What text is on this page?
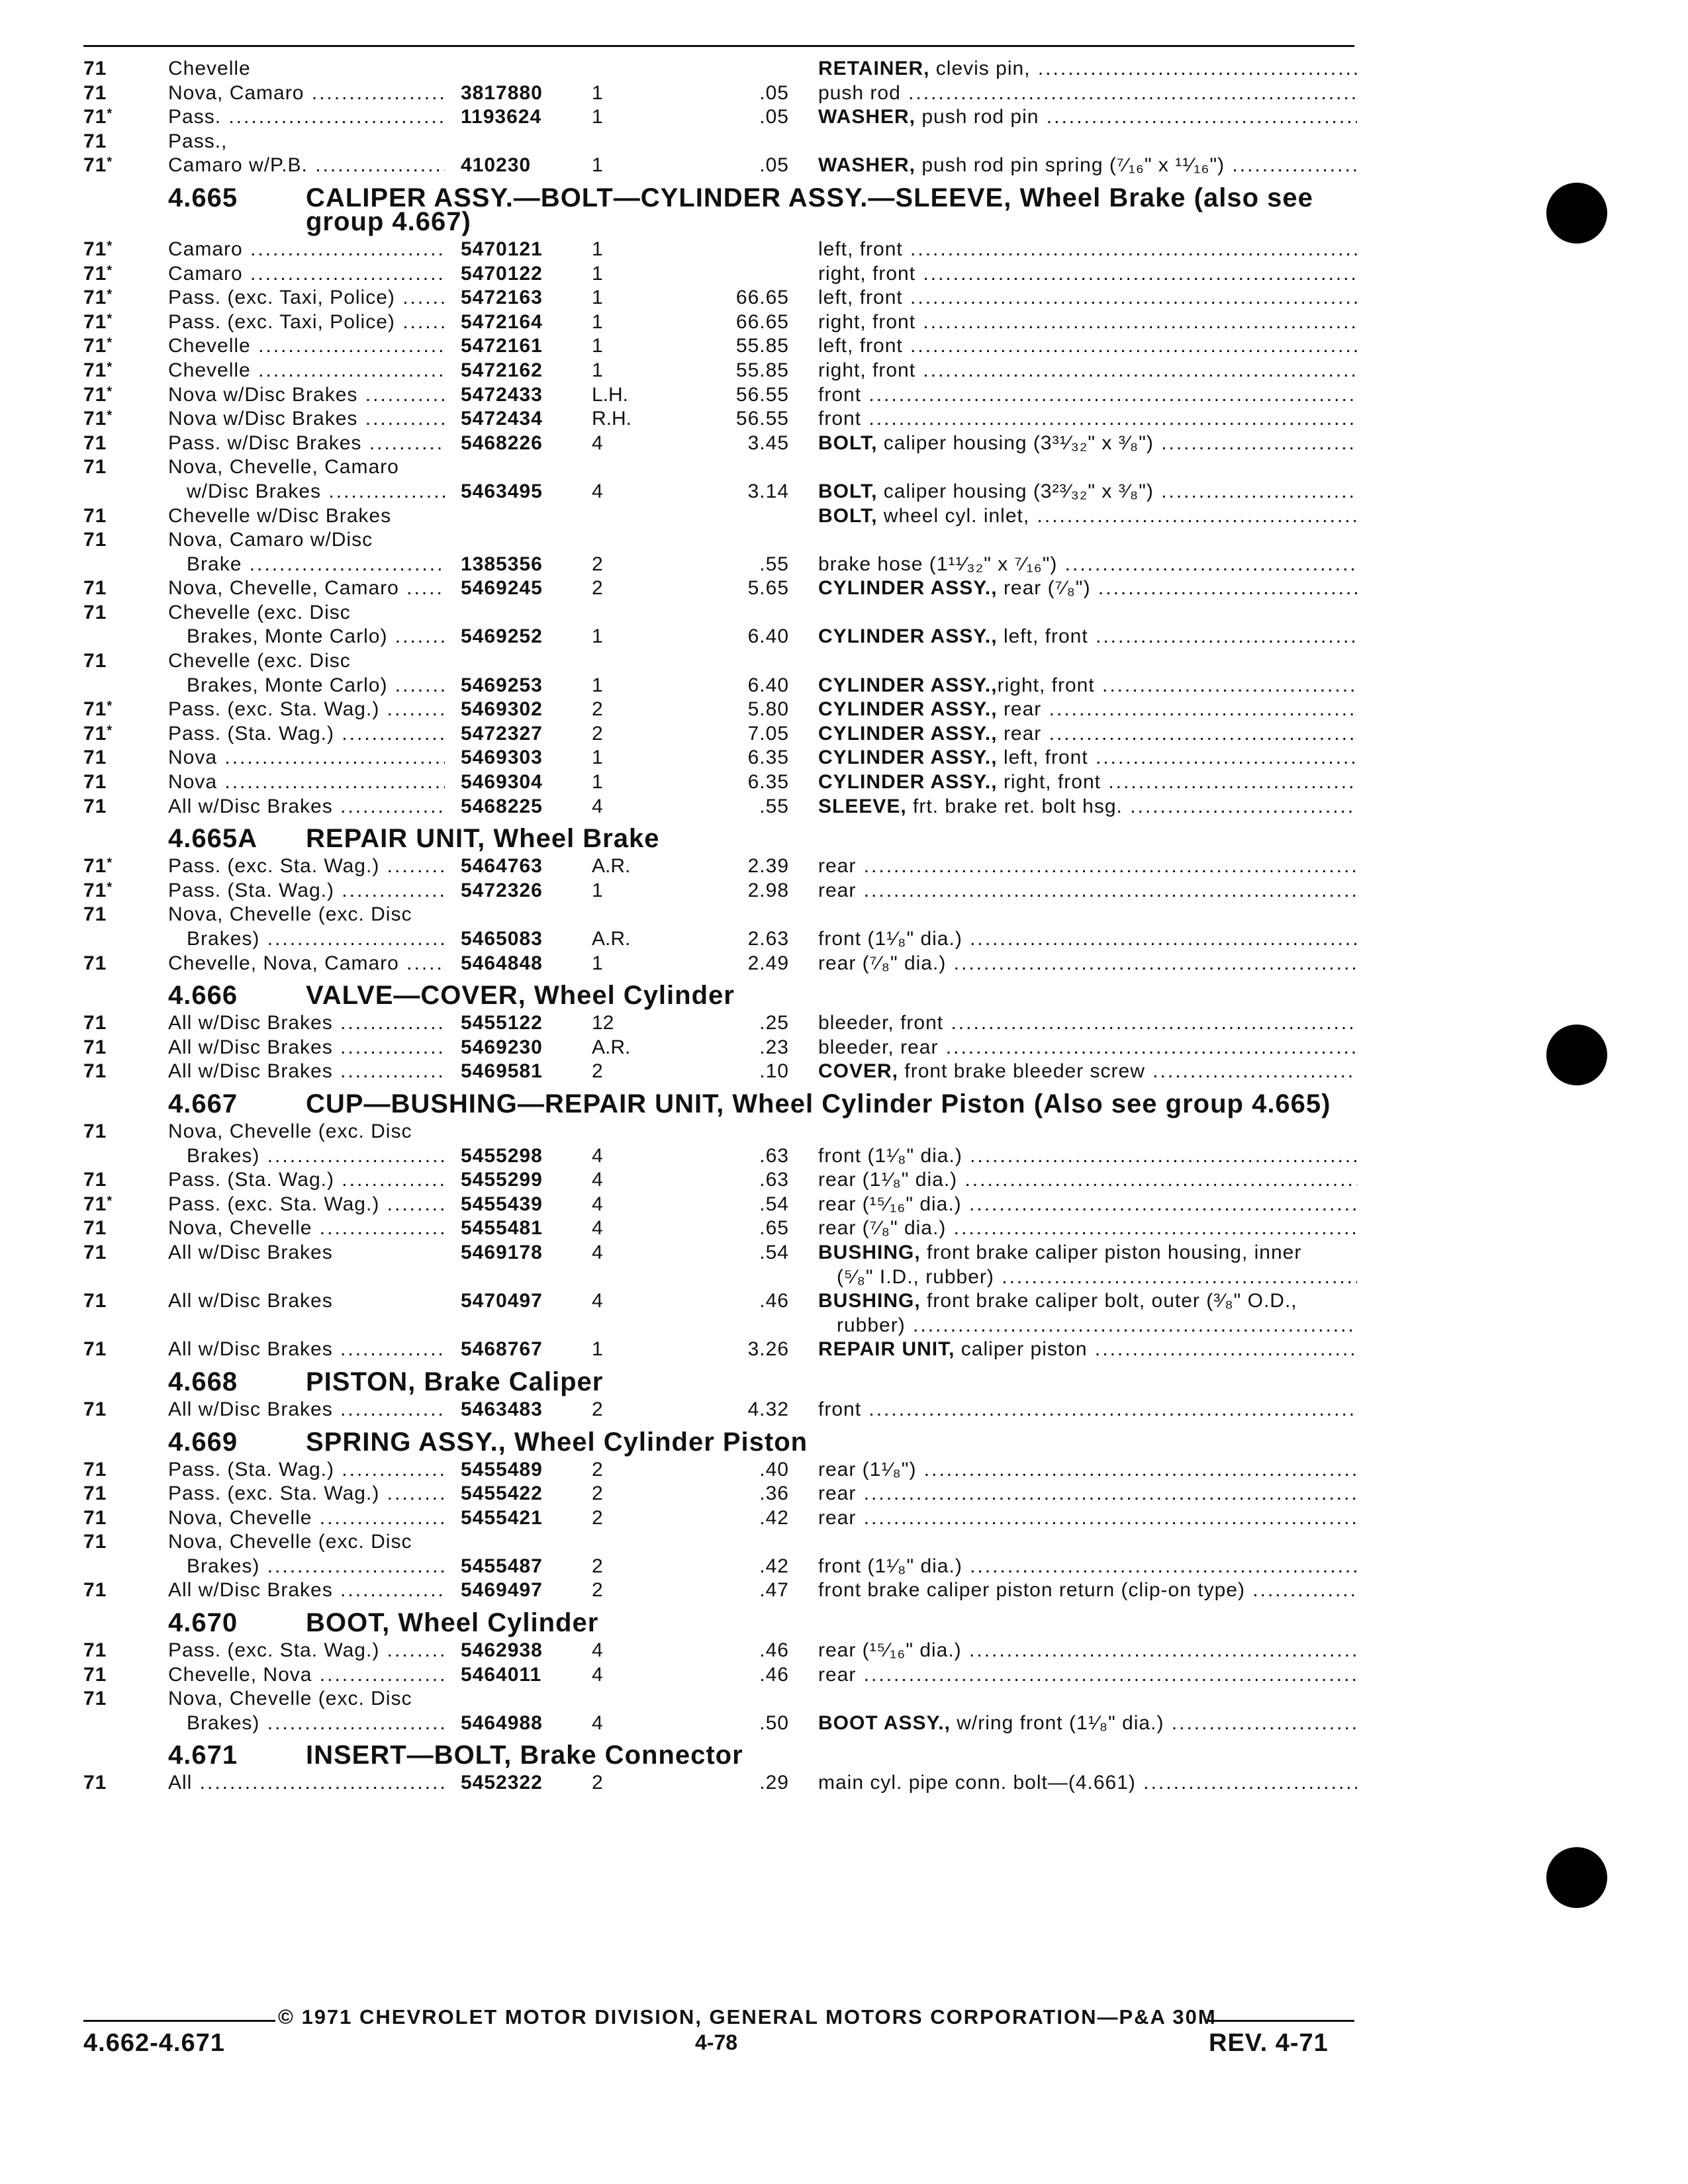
71	Chevelle	RETAINER, clevis pin, .....
71	Nova, Camaro .....	3817880	1	.05 push rod .....
71*	Pass. .....	1193624	1	.05 WASHER, push rod pin .....
71	Pass.,
71*	Camaro w/P.B. .....	410230	1	.05 WASHER, push rod pin spring (⁷⁄₁₆" x ¹¹⁄₁₆") .....
4.665	CALIPER ASSY.—BOLT—CYLINDER ASSY.—SLEEVE, Wheel Brake (also see group 4.667)
71*	Camaro .....	5470121	1	left, front .....
71*	Camaro .....	5470122	1	right, front .....
71*	Pass. (exc. Taxi, Police) .....	5472163	1	66.65 left, front .....
71*	Pass. (exc. Taxi, Police) .....	5472164	1	66.65 right, front .....
71*	Chevelle .....	5472161	1	55.85 left, front .....
71*	Chevelle .....	5472162	1	55.85 right, front .....
71*	Nova w/Disc Brakes .....	5472433	L.H.	56.55 front .....
71*	Nova w/Disc Brakes .....	5472434	R.H.	56.55 front .....
71	Pass. w/Disc Brakes .....	5468226	4	3.45 BOLT, caliper housing (3³¹⁄₃₂" x ³⁄₈") .....
71	Nova, Chevelle, Camaro
w/Disc Brakes .....	5463495	4	3.14 BOLT, caliper housing (3²³⁄₃₂" x ³⁄₈") .....
71	Chevelle w/Disc Brakes	BOLT, wheel cyl. inlet, .....
71	Nova, Camaro w/Disc
Brake .....	1385356	2	.55 brake hose (1¹¹⁄₃₂" x ⁷⁄₁₆") .....
71	Nova, Chevelle, Camaro .....	5469245	2	5.65 CYLINDER ASSY., rear (⁷⁄₈") .....
71	Chevelle (exc. Disc
Brakes, Monte Carlo) .....	5469252	1	6.40 CYLINDER ASSY., left, front .....
71	Chevelle (exc. Disc
Brakes, Monte Carlo) .....	5469253	1	6.40 CYLINDER ASSY.,right, front .....
71*	Pass. (exc. Sta. Wag.) .....	5469302	2	5.80 CYLINDER ASSY., rear .....
71*	Pass. (Sta. Wag.) .....	5472327	2	7.05 CYLINDER ASSY., rear .....
71	Nova .....	5469303	1	6.35 CYLINDER ASSY., left, front .....
71	Nova .....	5469304	1	6.35 CYLINDER ASSY., right, front .....
71	All w/Disc Brakes .....	5468225	4	.55 SLEEVE, frt. brake ret. bolt hsg. .....
4.665A REPAIR UNIT, Wheel Brake
71*	Pass. (exc. Sta. Wag.) .....	5464763	A.R.	2.39 rear .....
71*	Pass. (Sta. Wag.) .....	5472326	1	2.98 rear .....
71	Nova, Chevelle (exc. Disc
Brakes) .....	5465083	A.R.	2.63 front (1¹⁄₈" dia.) .....
71	Chevelle, Nova, Camaro .....	5464848	1	2.49 rear (⁷⁄₈" dia.) .....
4.666	VALVE—COVER, Wheel Cylinder
71	All w/Disc Brakes .....	5455122	12	.25 bleeder, front .....
71	All w/Disc Brakes .....	5469230	A.R.	.23 bleeder, rear .....
71	All w/Disc Brakes .....	5469581	2	.10 COVER, front brake bleeder screw .....
4.667	CUP—BUSHING—REPAIR UNIT, Wheel Cylinder Piston (Also see group 4.665)
71	Nova, Chevelle (exc. Disc
Brakes) .....	5455298	4	.63 front (1¹⁄₈" dia.) .....
71	Pass. (Sta. Wag.) .....	5455299	4	.63 rear (1¹⁄₈" dia.) .....
71*	Pass. (exc. Sta. Wag.) .....	5455439	4	.54 rear (¹⁵⁄₁₆" dia.) .....
71	Nova, Chevelle .....	5455481	4	.65 rear (⁷⁄₈" dia.) .....
71	All w/Disc Brakes	5469178	4	.54 BUSHING, front brake caliper piston housing, inner
(⁵⁄₈" I.D., rubber) .....
71	All w/Disc Brakes	5470497	4	.46 BUSHING, front brake caliper bolt, outer (³⁄₈" O.D.,
rubber) .....
71	All w/Disc Brakes .....	5468767	1	3.26 REPAIR UNIT, caliper piston .....
4.668	PISTON, Brake Caliper
71	All w/Disc Brakes .....	5463483	2	4.32 front .....
4.669	SPRING ASSY., Wheel Cylinder Piston
71	Pass. (Sta. Wag.) .....	5455489	2	.40 rear (1¹⁄₈") .....
71	Pass. (exc. Sta. Wag.) .....	5455422	2	.36 rear .....
71	Nova, Chevelle .....	5455421	2	.42 rear .....
71	Nova, Chevelle (exc. Disc
Brakes) .....	5455487	2	.42 front (1¹⁄₈" dia.) .....
71	All w/Disc Brakes .....	5469497	2	.47 front brake caliper piston return (clip-on type) .....
4.670	BOOT, Wheel Cylinder
71	Pass. (exc. Sta. Wag.) .....	5462938	4	.46 rear (¹⁵⁄₁₆" dia.) .....
71	Chevelle, Nova .....	5464011	4	.46 rear .....
71	Nova, Chevelle (exc. Disc
Brakes) .....	5464988	4	.50 BOOT ASSY., w/ring front (1¹⁄₈" dia.) .....
4.671	INSERT—BOLT, Brake Connector
71	All .....	5452322	2	.29 main cyl. pipe conn. bolt—(4.661) .....
© 1971 CHEVROLET MOTOR DIVISION, GENERAL MOTORS CORPORATION—P&A 30M
4.662-4.671	4-78	REV. 4-71
